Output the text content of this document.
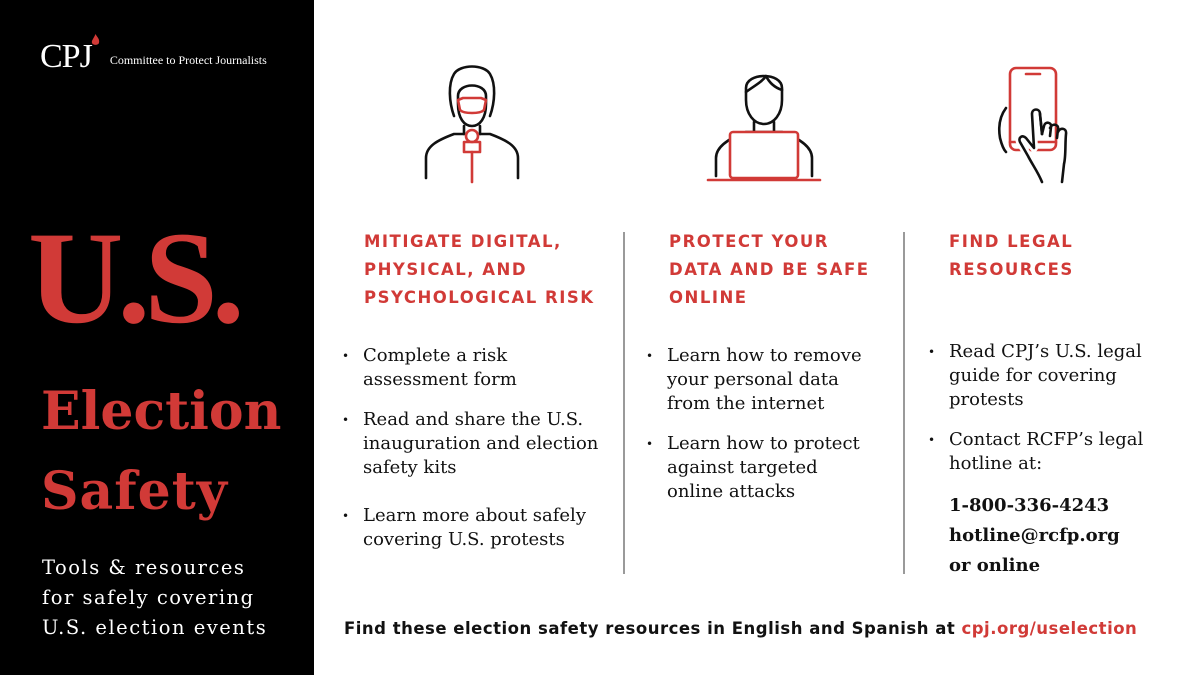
CPJ Committee to Protect Journalists
U.S.
Election
Safety
Tools & resources
for safely covering
U.S. election events
MITIGATE DIGITAL,
PHYSICAL, AND
PSYCHOLOGICAL RISK
PROTECT YOUR
DATA AND BE SAFE
ONLINE
FIND LEGAL
RESOURCES
• Complete a risk
assessment form
• Read and share the U.S.
inauguration and election
safety kits
• Learn more about safely
covering U.S. protests
• Learn how to remove
your personal data
from the internet
• Learn how to protect
against targeted
online attacks
• Read CPJ’s U.S. legal
guide for covering
protests
• Contact RCFP’s legal
hotline at:
1-800-336-4243
hotline@rcfp.org
or online
Find these election safety resources in English and Spanish at cpj.org/uselection
